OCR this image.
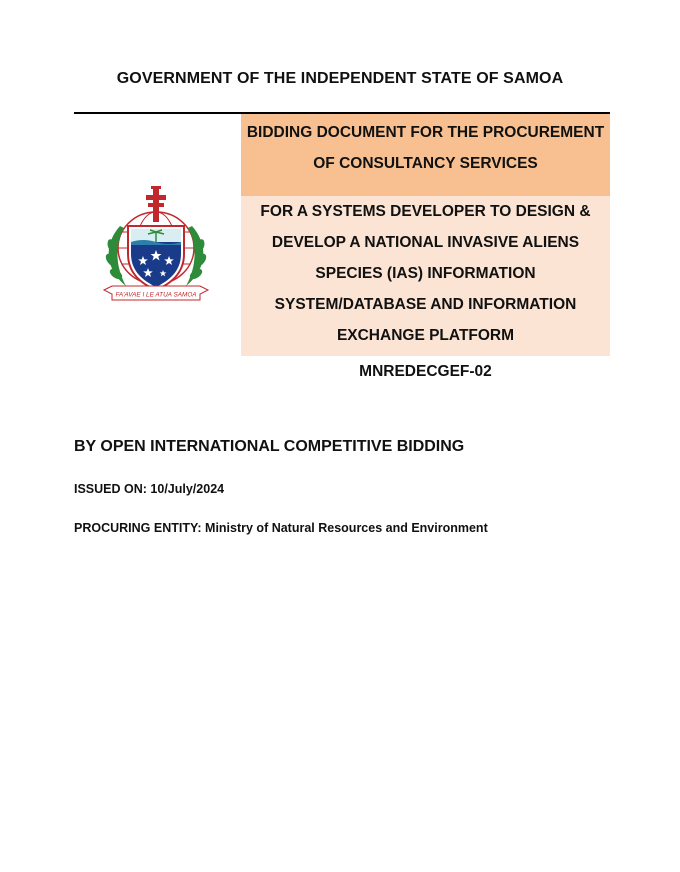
GOVERNMENT OF THE INDEPENDENT STATE OF SAMOA
FA'AVAE I LE ATUA SAMOA
BIDDING DOCUMENT FOR THE PROCUREMENT
OF CONSULTANCY SERVICES
FOR A SYSTEMS DEVELOPER TO DESIGN &
DEVELOP A NATIONAL INVASIVE ALIENS
SPECIES (IAS) INFORMATION
SYSTEM/DATABASE AND INFORMATION
EXCHANGE PLATFORM
MNREDECGEF-02
BY OPEN INTERNATIONAL COMPETITIVE BIDDING
ISSUED ON: 10/July/2024
PROCURING ENTITY: Ministry of Natural Resources and Environment
